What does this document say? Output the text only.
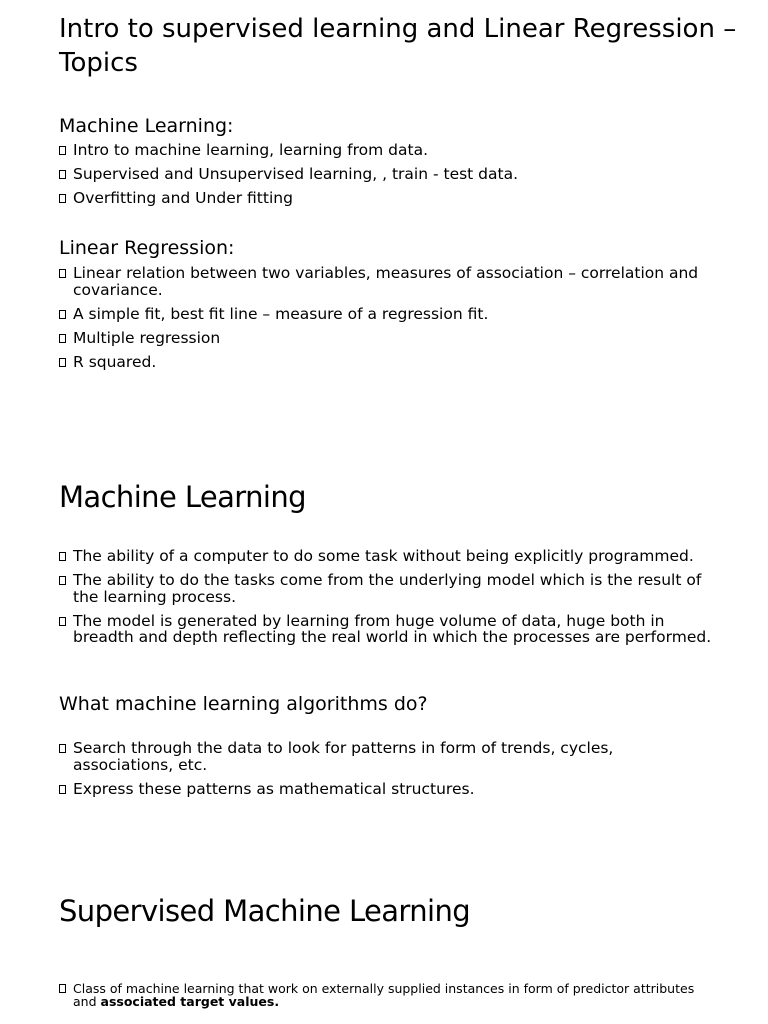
Intro to supervised learning and Linear Regression – Topics
Machine Learning:
Intro to machine learning, learning from data.
Supervised and Unsupervised learning, , train - test data.
Overfitting and Under fitting
Linear Regression:
Linear relation between two variables, measures of association – correlation and covariance.
A simple fit, best fit line – measure of a regression fit.
Multiple regression
R squared.
Machine Learning
The ability of a computer to do some task without being explicitly programmed.
The ability to do the tasks come from the underlying model which is the result of the learning process.
The model is generated by learning from huge volume of data, huge both in breadth and depth reflecting the real world in which the processes are performed.
What machine learning algorithms do?
Search through the data to look for patterns in form of trends, cycles, associations, etc.
Express these patterns as mathematical structures.
Supervised Machine Learning
Class of machine learning that work on externally supplied instances in form of predictor attributes and associated target values.
